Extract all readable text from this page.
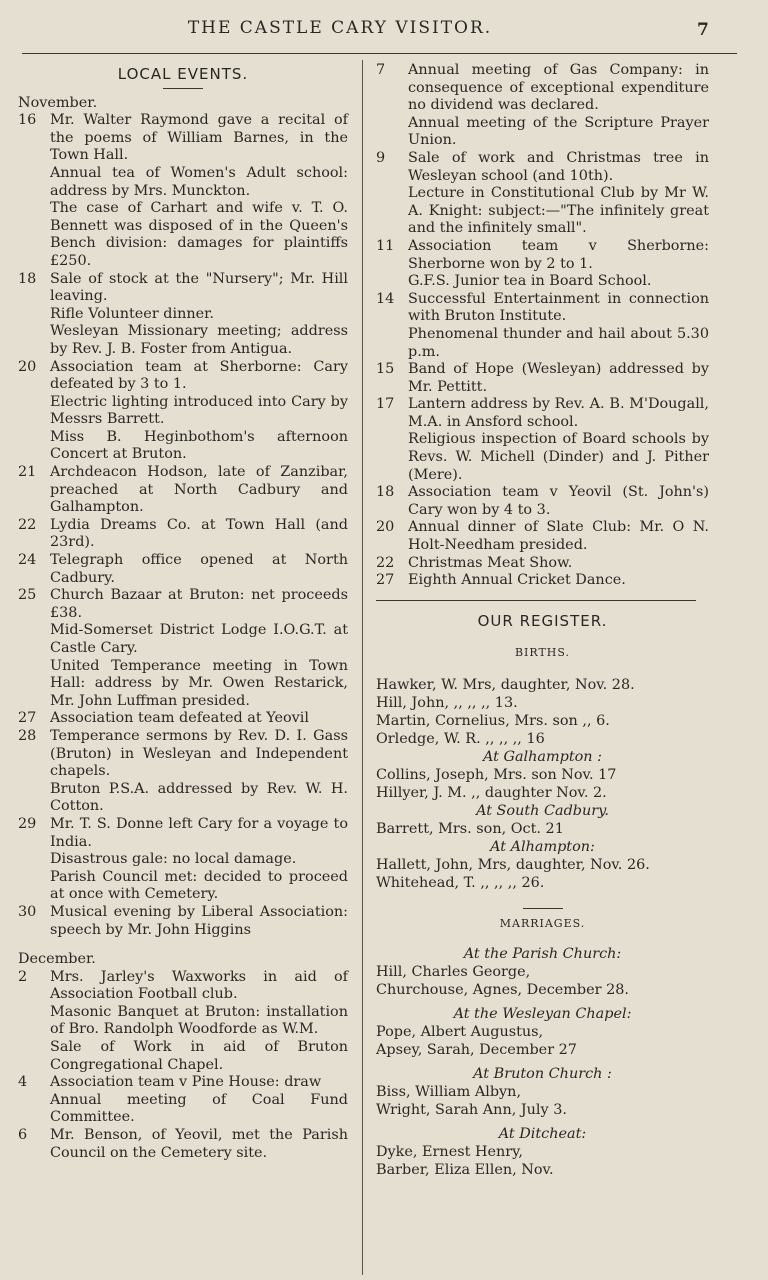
THE CASTLE CARY VISITOR.	7
LOCAL EVENTS.
November.
16 Mr. Walter Raymond gave a recital of the poems of William Barnes, in the Town Hall.
Annual tea of Women's Adult school: address by Mrs. Munckton.
The case of Carhart and wife v. T. O. Bennett was disposed of in the Queen's Bench division: damages for plaintiffs £250.
18 Sale of stock at the "Nursery"; Mr. Hill leaving.
Rifle Volunteer dinner.
Wesleyan Missionary meeting; address by Rev. J. B. Foster from Antigua.
20 Association team at Sherborne: Cary defeated by 3 to 1.
Electric lighting introduced into Cary by Messrs Barrett.
Miss B. Heginbothom's afternoon Concert at Bruton.
21 Archdeacon Hodson, late of Zanzibar, preached at North Cadbury and Galhampton.
22 Lydia Dreams Co. at Town Hall (and 23rd).
24 Telegraph office opened at North Cadbury.
25 Church Bazaar at Bruton: net proceeds £38.
Mid-Somerset District Lodge I.O.G.T. at Castle Cary.
United Temperance meeting in Town Hall: address by Mr. Owen Restarick, Mr. John Luffman presided.
27 Association team defeated at Yeovil
28 Temperance sermons by Rev. D. I. Gass (Bruton) in Wesleyan and Independent chapels.
Bruton P.S.A. addressed by Rev. W. H. Cotton.
29 Mr. T. S. Donne left Cary for a voyage to India.
Disastrous gale: no local damage.
Parish Council met: decided to proceed at once with Cemetery.
30 Musical evening by Liberal Association: speech by Mr. John Higgins
December.
2	Mrs. Jarley's Waxworks in aid of Association Football club.
Masonic Banquet at Bruton: installation of Bro. Randolph Woodforde as W.M.
Sale of Work in aid of Bruton Congregational Chapel.
4	Association team v Pine House: draw
Annual meeting of Coal Fund Committee.
6	Mr. Benson, of Yeovil, met the Parish Council on the Cemetery site.
7	Annual meeting of Gas Company: in consequence of exceptional expenditure no dividend was declared.
Annual meeting of the Scripture Prayer Union.
9	Sale of work and Christmas tree in Wesleyan school (and 10th).
Lecture in Constitutional Club by Mr W. A. Knight: subject:—"The infinitely great and the infinitely small".
11 Association team v Sherborne: Sherborne won by 2 to 1.
G.F.S. Junior tea in Board School.
14 Successful Entertainment in connection with Bruton Institute.
Phenomenal thunder and hail about 5.30 p.m.
15 Band of Hope (Wesleyan) addressed by Mr. Pettitt.
17 Lantern address by Rev. A. B. M'Dougall, M.A. in Ansford school.
Religious inspection of Board schools by Revs. W. Michell (Dinder) and J. Pither (Mere).
18 Association team v Yeovil (St. John's) Cary won by 4 to 3.
20 Annual dinner of Slate Club: Mr. O N. Holt-Needham presided.
22 Christmas Meat Show.
27 Eighth Annual Cricket Dance.
OUR REGISTER.
BIRTHS.
Hawker, W. Mrs, daughter, Nov. 28.
Hill, John, ,, ,, ,, 13.
Martin, Cornelius, Mrs. son ,, 6.
Orledge, W. R. ,, ,, ,, 16
At Galhampton :
Collins, Joseph, Mrs. son Nov. 17
Hillyer, J. M. ,, daughter Nov. 2.
At South Cadbury.
Barrett, Mrs. son, Oct. 21
At Alhampton:
Hallett, John, Mrs, daughter, Nov. 26.
Whitehead, T. ,, ,, ,, 26.
MARRIAGES.
At the Parish Church:
Hill, Charles George,
Churchouse, Agnes, December 28.
At the Wesleyan Chapel:
Pope, Albert Augustus,
Apsey, Sarah, December 27
At Bruton Church :
Biss, William Albyn,
Wright, Sarah Ann, July 3.
At Ditcheat:
Dyke, Ernest Henry,
Barber, Eliza Ellen, Nov.
